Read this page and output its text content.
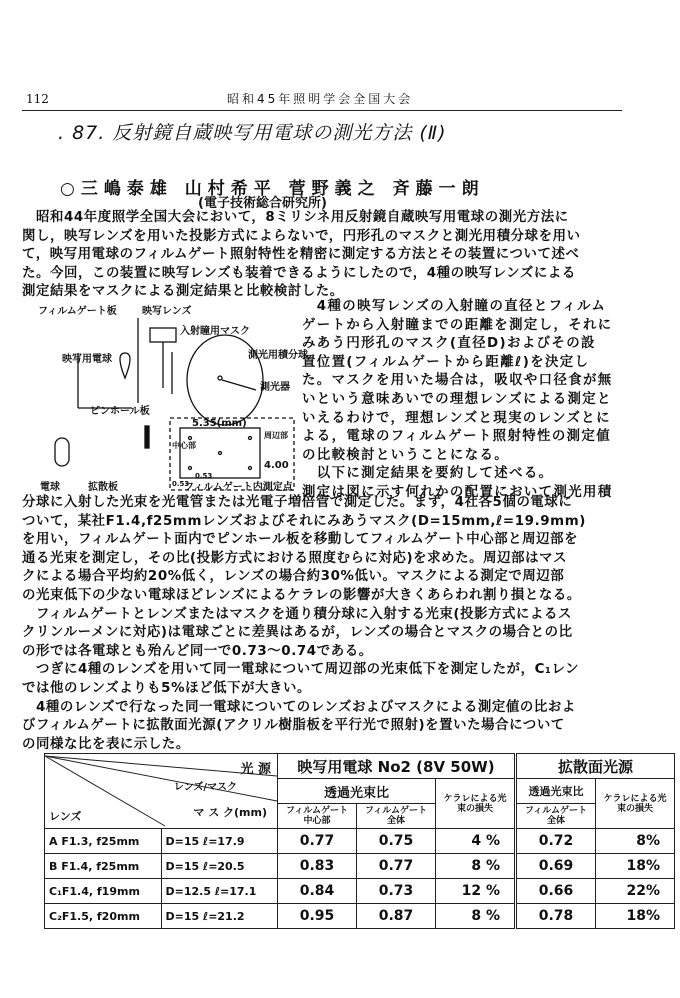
112	昭和45年照明学会全国大会
. 87. 反射鏡自蔵映写用電球の測光方法 (Ⅱ)
○三嶋泰雄 山村希平 菅野義之 斉藤一朗
(電子技術総合研究所)
　昭和44年度照学全国大会において，8ミリシネ用反射鏡自蔵映写用電球の測光方法に
関し，映写レンズを用いた投影方式によらないで，円形孔のマスクと測光用積分球を用い
て，映写用電球のフィルムゲート照射特性を精密に測定する方法とその装置について述べ
た。今回，この装置に映写レンズも装着できるようにしたので，4種の映写レンズによる
測定結果をマスクによる測定結果と比較検討した。
フィルムゲート板	映写レンズ
入射瞳用マスク
映写用電球	測光用積分球
測光器
ピンホール板
電球	拡散板
5.35(mm)
4.00
中心部
周辺部
0.53
0.53
フィルムゲート内測定点
　4種の映写レンズの入射瞳の直径とフィルム
ゲートから入射瞳までの距離を測定し，それに
みあう円形孔のマスク(直径D)およびその設
置位置(フィルムゲートから距離ℓ)を決定し
た。マスクを用いた場合は，吸収や口径食が無
いという意味あいでの理想レンズによる測定と
いえるわけで，理想レンズと現実のレンズとに
よる，電球のフィルムゲート照射特性の測定値
の比較検討ということになる。
　以下に測定結果を要約して述べる。
測定は図に示す何れかの配置において測光用積
分球に入射した光束を光電管または光電子増倍管で測定した。まず，4社各5個の電球に
ついて，某社F1.4,f25mmレンズおよびそれにみあうマスク(D=15mm,ℓ=19.9mm)
を用い，フィルムゲート面内でピンホール板を移動してフィルムゲート中心部と周辺部を
通る光束を測定し，その比(投影方式における照度むらに対応)を求めた。周辺部はマス
クによる場合平均約20%低く，レンズの場合約30%低い。マスクによる測定で周辺部
の光束低下の少ない電球ほどレンズによるケラレの影響が大きくあらわれ割り損となる。
　フィルムゲートとレンズまたはマスクを通り積分球に入射する光束(投影方式によるス
クリンルーメンに対応)は電球ごとに差異はあるが，レンズの場合とマスクの場合との比
の形では各電球とも殆んど同一で0.73〜0.74である。
　つぎに4種のレンズを用いて同一電球について周辺部の光束低下を測定したが，C₁レン
では他のレンズよりも5%ほど低下が大きい。
　4種のレンズで行なった同一電球についてのレンズおよびマスクによる測定値の比およ
びフィルムゲートに拡散面光源(アクリル樹脂板を平行光で照射)を置いた場合について
の同様な比を表に示した。
光 源
レンズ/マスク
マ ス ク(mm)
レンズ		映写用電球 No2 (8V 50W)			拡散面光源	
		透過光束比		ケラレによる光束の損失	透過光束比	ケラレによる光束の損失
		フィルムゲート中心部	フィルムゲート全体		フィルムゲート全体	
A F1.3, f25mm	D=15 ℓ=17.9	0.77	0.75	4 %	0.72	8%
B F1.4, f25mm	D=15 ℓ=20.5	0.83	0.77	8 %	0.69	18%
C₁F1.4, f19mm	D=12.5 ℓ=17.1	0.84	0.73	12 %	0.66	22%
C₂F1.5, f20mm	D=15 ℓ=21.2	0.95	0.87	8 %	0.78	18%
